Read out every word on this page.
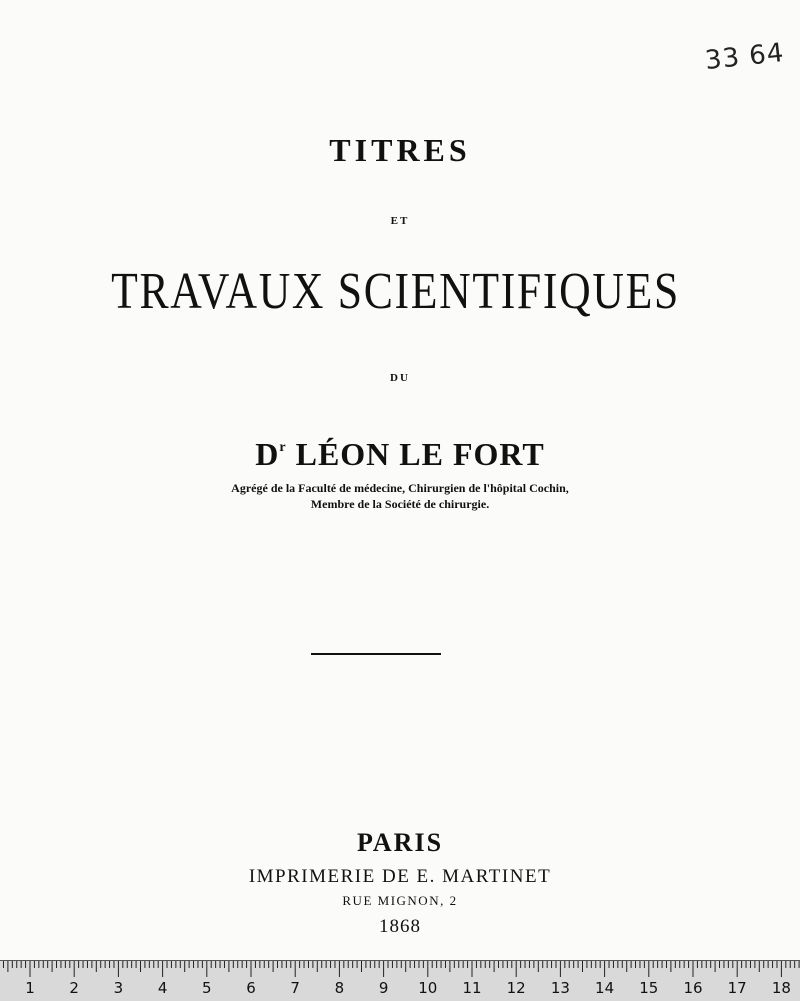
33 64
TITRES
ET
TRAVAUX SCIENTIFIQUES
DU
$D^r$ LÉON LE FORT
Agrégé de la Faculté de médecine, Chirurgien de l'hôpital Cochin,
Membre de la Société de chirurgie.
PARIS
IMPRIMERIE DE E. MARTINET
RUE MIGNON, 2
1868
1 2 3 4 5 6 7 8 9 10 11 12 13 14 15 16 17 18
